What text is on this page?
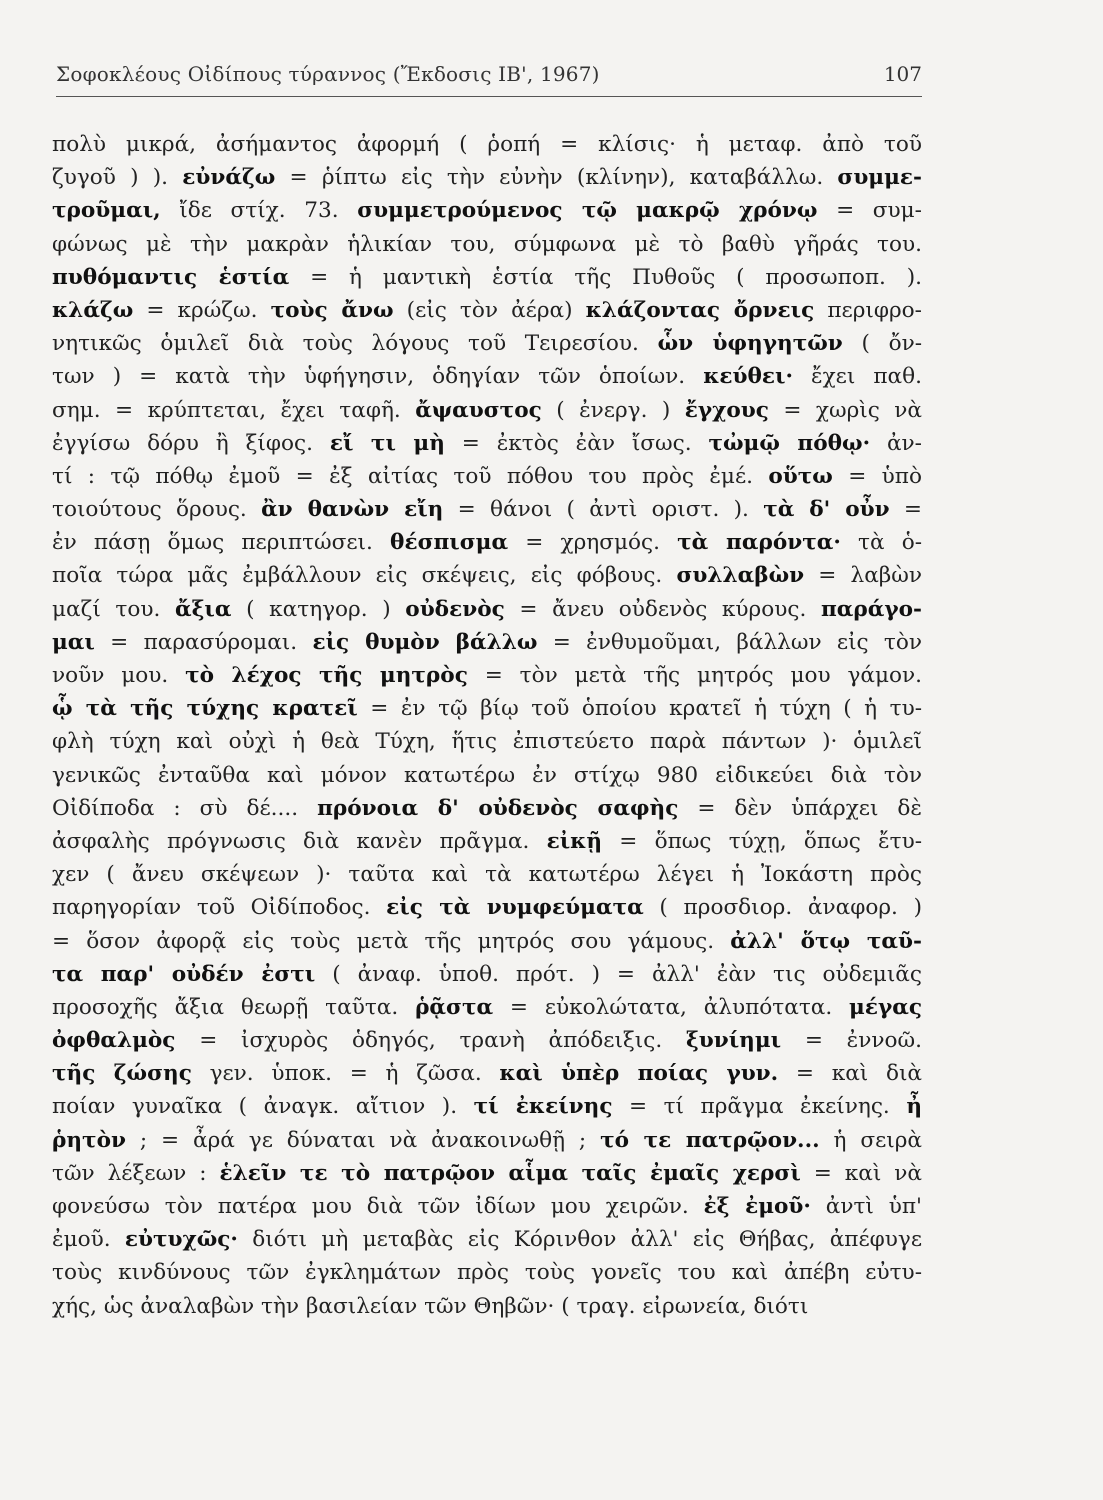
Σοφοκλέους Οἰδίπους τύραννος (Ἔκδοσις ΙΒ', 1967)	107
πολὺ μικρά, ἀσήμαντος ἀφορμή ( ῥοπή = κλίσις· ἡ μεταφ. ἀπὸ τοῦ
ζυγοῦ ) ). εὐνάζω = ῥίπτω εἰς τὴν εὐνὴν (κλίνην), καταβάλλω. συμμε-
τροῦμαι, ἴδε στίχ. 73. συμμετρούμενος τῷ μακρῷ χρόνῳ = συμ-
φώνως μὲ τὴν μακρὰν ἡλικίαν του, σύμφωνα μὲ τὸ βαθὺ γῆράς του.
πυθόμαντις ἑστία = ἡ μαντικὴ ἑστία τῆς Πυθοῦς ( προσωποπ. ).
κλάζω = κρώζω. τοὺς ἄνω (εἰς τὸν ἀέρα) κλάζοντας ὄρνεις περιφρο-
νητικῶς ὁμιλεῖ διὰ τοὺς λόγους τοῦ Τειρεσίου. ὧν ὑφηγητῶν ( ὄν-
των ) = κατὰ τὴν ὑφήγησιν, ὁδηγίαν τῶν ὁποίων. κεύθει· ἔχει παθ.
σημ. = κρύπτεται, ἔχει ταφῆ. ἄψαυστος ( ἐνεργ. ) ἔγχους = χωρὶς νὰ
ἐγγίσω δόρυ ἢ ξίφος. εἴ τι μὴ = ἐκτὸς ἐὰν ἴσως. τὠμῷ πόθῳ· ἀν-
τί : τῷ πόθῳ ἐμοῦ = ἐξ αἰτίας τοῦ πόθου του πρὸς ἐμέ. οὕτω = ὑπὸ
τοιούτους ὅρους. ἂν θανὼν εἴη = θάνοι ( ἀντὶ οριστ. ). τὰ δ' οὖν =
ἐν πάσῃ ὅμως περιπτώσει. θέσπισμα = χρησμός. τὰ παρόντα· τὰ ὁ-
ποῖα τώρα μᾶς ἐμβάλλουν εἰς σκέψεις, εἰς φόβους. συλλαβὼν = λαβὼν
μαζί του. ἄξια ( κατηγορ. ) οὐδενὸς = ἄνευ οὐδενὸς κύρους. παράγο-
μαι = παρασύρομαι. εἰς θυμὸν βάλλω = ἐνθυμοῦμαι, βάλλων εἰς τὸν
νοῦν μου. τὸ λέχος τῆς μητρὸς = τὸν μετὰ τῆς μητρός μου γάμον.
ᾧ τὰ τῆς τύχης κρατεῖ = ἐν τῷ βίῳ τοῦ ὁποίου κρατεῖ ἡ τύχη ( ἡ τυ-
φλὴ τύχη καὶ οὐχὶ ἡ θεὰ Τύχη, ἥτις ἐπιστεύετο παρὰ πάντων )· ὁμιλεῖ
γενικῶς ἐνταῦθα καὶ μόνον κατωτέρω ἐν στίχῳ 980 εἰδικεύει διὰ τὸν
Οἰδίποδα : σὺ δέ.... πρόνοια δ' οὐδενὸς σαφὴς = δὲν ὑπάρχει δὲ
ἀσφαλὴς πρόγνωσις διὰ κανὲν πρᾶγμα. εἰκῇ = ὅπως τύχῃ, ὅπως ἔτυ-
χεν ( ἄνευ σκέψεων )· ταῦτα καὶ τὰ κατωτέρω λέγει ἡ Ἰοκάστη πρὸς
παρηγορίαν τοῦ Οἰδίποδος. εἰς τὰ νυμφεύματα ( προσδιορ. ἀναφορ. )
= ὅσον ἀφορᾷ εἰς τοὺς μετὰ τῆς μητρός σου γάμους. ἀλλ' ὅτῳ ταῦ-
τα παρ' οὐδέν ἐστι ( ἀναφ. ὑποθ. πρότ. ) = ἀλλ' ἐὰν τις οὐδεμιᾶς
προσοχῆς ἄξια θεωρῇ ταῦτα. ῥᾷστα = εὐκολώτατα, ἀλυπότατα. μέγας
ὀφθαλμὸς = ἰσχυρὸς ὁδηγός, τρανὴ ἀπόδειξις. ξυνίημι = ἐννοῶ.
τῆς ζώσης γεν. ὑποκ. = ἡ ζῶσα. καὶ ὑπὲρ ποίας γυν. = καὶ διὰ
ποίαν γυναῖκα ( ἀναγκ. αἴτιον ). τί ἐκείνης = τί πρᾶγμα ἐκείνης. ἦ
ῥητὸν ; = ἆρά γε δύναται νὰ ἀνακοινωθῇ ; τό τε πατρῷον... ἡ σειρὰ
τῶν λέξεων : ἑλεῖν τε τὸ πατρῷον αἷμα ταῖς ἐμαῖς χερσὶ = καὶ νὰ
φονεύσω τὸν πατέρα μου διὰ τῶν ἰδίων μου χειρῶν. ἐξ ἐμοῦ· ἀντὶ ὑπ'
ἐμοῦ. εὐτυχῶς· διότι μὴ μεταβὰς εἰς Κόρινθον ἀλλ' εἰς Θήβας, ἀπέφυγε
τοὺς κινδύνους τῶν ἐγκλημάτων πρὸς τοὺς γονεῖς του καὶ ἀπέβη εὐτυ-
χής, ὡς ἀναλαβὼν τὴν βασιλείαν τῶν Θηβῶν· ( τραγ. εἰρωνεία, διότι
